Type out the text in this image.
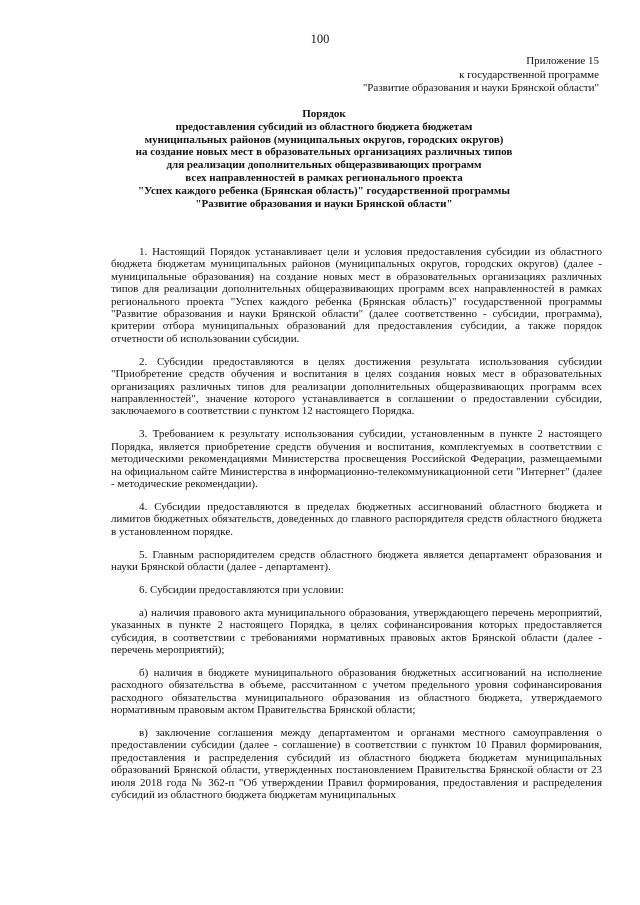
100
Приложение 15
к государственной программе
"Развитие образования и науки Брянской области"
Порядок
предоставления субсидий из областного бюджета бюджетам
муниципальных районов (муниципальных округов, городских округов)
на создание новых мест в образовательных организациях различных типов
для реализации дополнительных общеразвивающих программ
всех направленностей в рамках регионального проекта
"Успех каждого ребенка (Брянская область)" государственной программы
"Развитие образования и науки Брянской области"

1. Настоящий Порядок устанавливает цели и условия предоставления субсидии из областного бюджета бюджетам муниципальных районов (муниципальных округов, городских округов) (далее - муниципальные образования) на создание новых мест в образовательных организациях различных типов для реализации дополнительных общеразвивающих программ всех направленностей в рамках регионального проекта "Успех каждого ребенка (Брянская область)" государственной программы "Развитие образования и науки Брянской области" (далее соответственно - субсидии, программа), критерии отбора муниципальных образований для предоставления субсидии, а также порядок отчетности об использовании субсидии.

2. Субсидии предоставляются в целях достижения результата использования субсидии "Приобретение средств обучения и воспитания в целях создания новых мест в образовательных организациях различных типов для реализации дополнительных общеразвивающих программ всех направленностей", значение которого устанавливается в соглашении о предоставлении субсидии, заключаемого в соответствии с пунктом 12 настоящего Порядка.

3. Требованием к результату использования субсидии, установленным в пункте 2 настоящего Порядка, является приобретение средств обучения и воспитания, комплектуемых в соответствии с методическими рекомендациями Министерства просвещения Российской Федерации, размещаемыми на официальном сайте Министерства в информационно-телекоммуникационной сети "Интернет" (далее - методические рекомендации).

4. Субсидии предоставляются в пределах бюджетных ассигнований областного бюджета и лимитов бюджетных обязательств, доведенных до главного распорядителя средств областного бюджета в установленном порядке.

5. Главным распорядителем средств областного бюджета является департамент образования и науки Брянской области (далее - департамент).

6. Субсидии предоставляются при условии:

а) наличия правового акта муниципального образования, утверждающего перечень мероприятий, указанных в пункте 2 настоящего Порядка, в целях софинансирования которых предоставляется субсидия, в соответствии с требованиями нормативных правовых актов Брянской области (далее - перечень мероприятий);

б) наличия в бюджете муниципального образования бюджетных ассигнований на исполнение расходного обязательства в объеме, рассчитанном с учетом предельного уровня софинансирования расходного обязательства муниципального образования из областного бюджета, утверждаемого нормативным правовым актом Правительства Брянской области;

в) заключение соглашения между департаментом и органами местного самоуправления о предоставлении субсидии (далее - соглашение) в соответствии с пунктом 10 Правил формирования, предоставления и распределения субсидий из областного бюджета бюджетам муниципальных образований Брянской области, утвержденных постановлением Правительства Брянской области от 23 июля 2018 года № 362-п "Об утверждении Правил формирования, предоставления и распределения субсидий из областного бюджета бюджетам муниципальных
